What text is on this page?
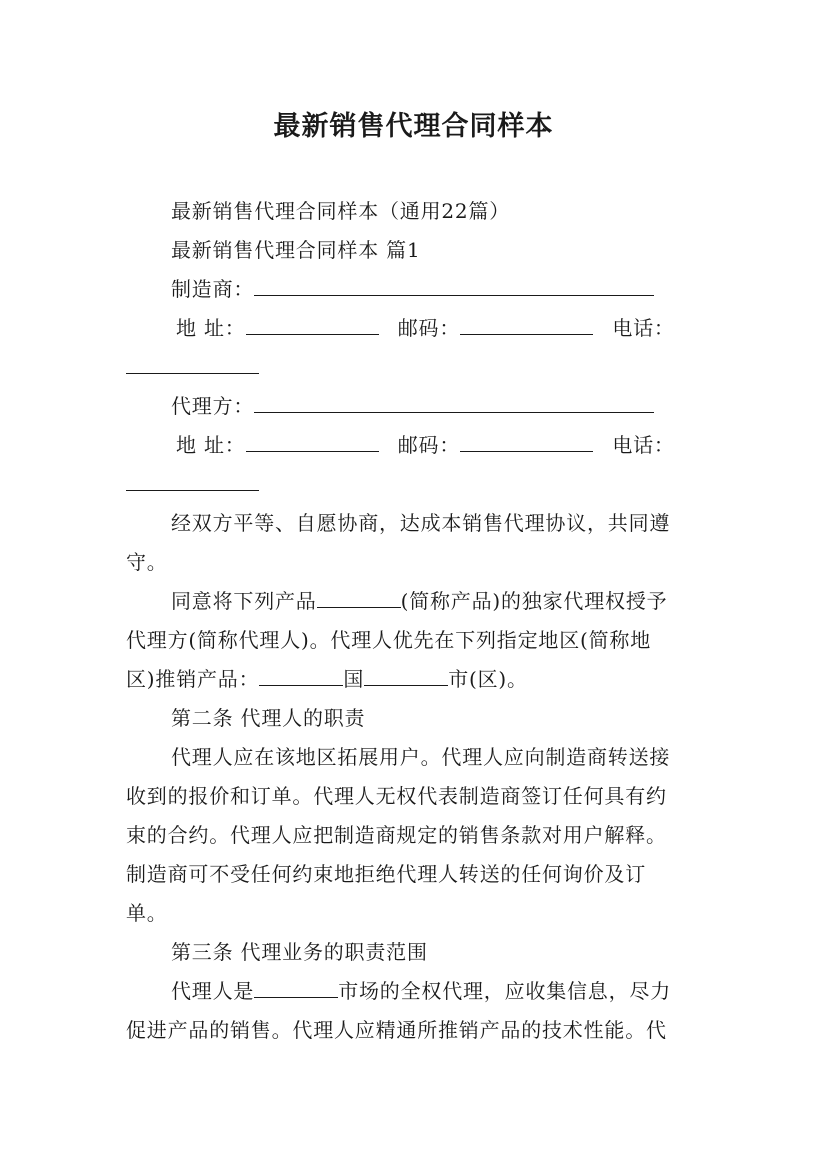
最新销售代理合同样本
最新销售代理合同样本（通用22篇）
最新销售代理合同样本 篇1
制造商：
地 址：	邮码：	电话：
代理方：
地 址：	邮码：	电话：
经双方平等、自愿协商，达成本销售代理协议，共同遵
守。
同意将下列产品	(简称产品)的独家代理权授予
代理方(简称代理人)。代理人优先在下列指定地区(简称地
区)推销产品：	国	市(区)。
第二条 代理人的职责
代理人应在该地区拓展用户。代理人应向制造商转送接
收到的报价和订单。代理人无权代表制造商签订任何具有约
束的合约。代理人应把制造商规定的销售条款对用户解释。
制造商可不受任何约束地拒绝代理人转送的任何询价及订
单。
第三条 代理业务的职责范围
代理人是	市场的全权代理，应收集信息，尽力
促进产品的销售。代理人应精通所推销产品的技术性能。代
